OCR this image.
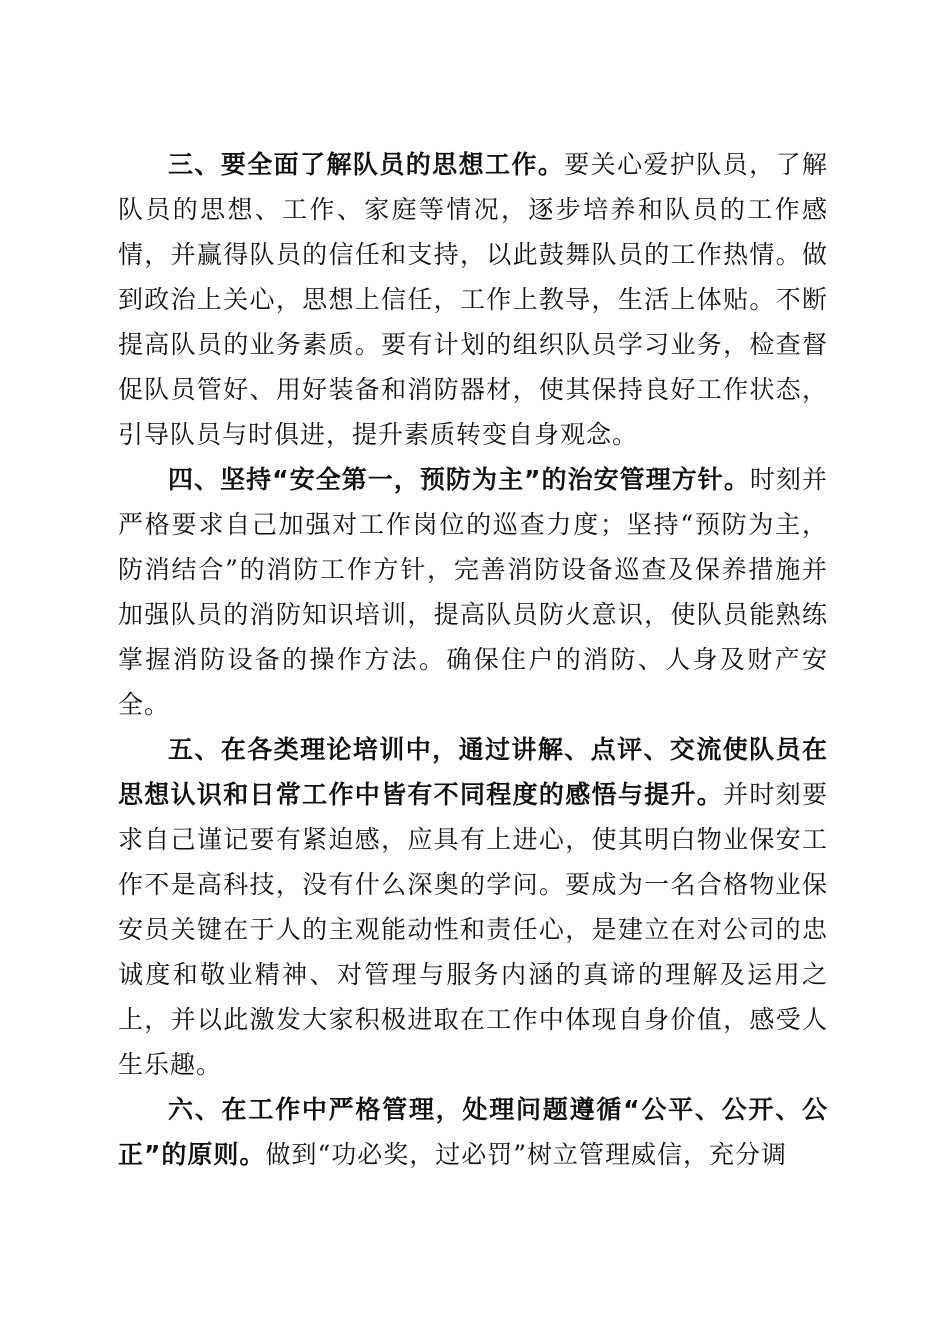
三、要全面了解队员的思想工作。要关心爱护队员，了解队员的思想、工作、家庭等情况，逐步培养和队员的工作感情，并赢得队员的信任和支持，以此鼓舞队员的工作热情。做到政治上关心，思想上信任，工作上教导，生活上体贴。不断提高队员的业务素质。要有计划的组织队员学习业务，检查督促队员管好、用好装备和消防器材，使其保持良好工作状态，引导队员与时俱进，提升素质转变自身观念。

四、坚持“安全第一，预防为主”的治安管理方针。时刻并严格要求自己加强对工作岗位的巡查力度；坚持“预防为主，防消结合”的消防工作方针，完善消防设备巡查及保养措施并加强队员的消防知识培训，提高队员防火意识，使队员能熟练掌握消防设备的操作方法。确保住户的消防、人身及财产安全。

五、在各类理论培训中，通过讲解、点评、交流使队员在思想认识和日常工作中皆有不同程度的感悟与提升。并时刻要求自己谨记要有紧迫感，应具有上进心，使其明白物业保安工作不是高科技，没有什么深奥的学问。要成为一名合格物业保安员关键在于人的主观能动性和责任心，是建立在对公司的忠诚度和敬业精神、对管理与服务内涵的真谛的理解及运用之上，并以此激发大家积极进取在工作中体现自身价值，感受人生乐趣。

六、在工作中严格管理，处理问题遵循“公平、公开、公正”的原则。做到“功必奖，过必罚”树立管理威信，充分调
